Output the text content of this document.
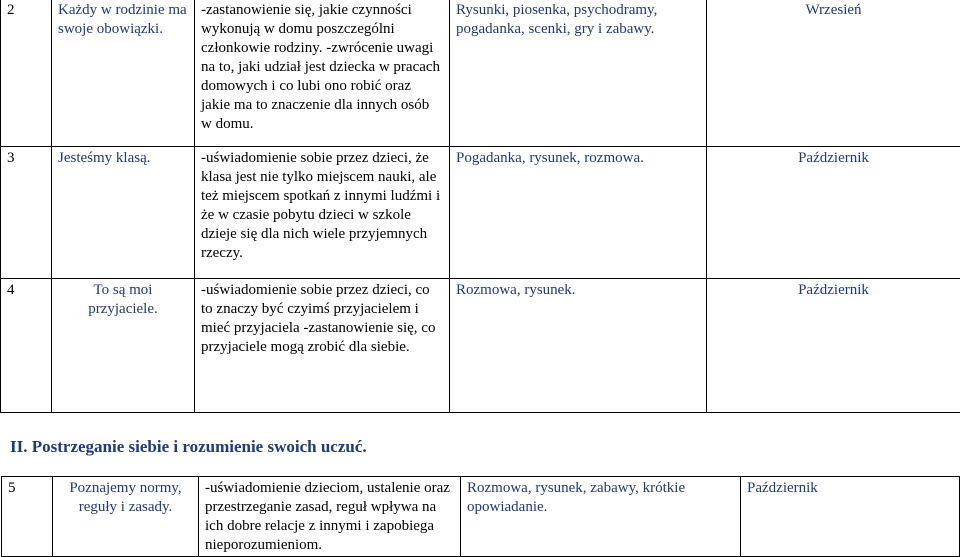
2	Każdy w rodzinie ma swoje obowiązki.	-zastanowienie się, jakie czynności wykonują w domu poszczególni członkowie rodziny. -zwrócenie uwagi na to, jaki udział jest dziecka w pracach domowych i co lubi ono robić oraz jakie ma to znaczenie dla innych osób w domu.	Rysunki, piosenka, psychodramy, pogadanka, scenki, gry i zabawy.	Wrzesień
3	Jesteśmy klasą.	-uświadomienie sobie przez dzieci, że klasa jest nie tylko miejscem nauki, ale też miejscem spotkań z innymi ludźmi i że w czasie pobytu dzieci w szkole dzieje się dla nich wiele przyjemnych rzeczy.	Pogadanka, rysunek, rozmowa.	Październik
4	To są moi przyjaciele.	-uświadomienie sobie przez dzieci, co to znaczy być czyimś przyjacielem i mieć przyjaciela -zastanowienie się, co przyjaciele mogą zrobić dla siebie.	Rozmowa, rysunek.	Październik
II. Postrzeganie siebie i rozumienie swoich uczuć.
5	Poznajemy normy, reguły i zasady.	-uświadomienie dzieciom, ustalenie oraz przestrzeganie zasad, reguł wpływa na ich dobre relacje z innymi i zapobiega nieporozumieniom.	Rozmowa, rysunek, zabawy, krótkie opowiadanie.	Październik
